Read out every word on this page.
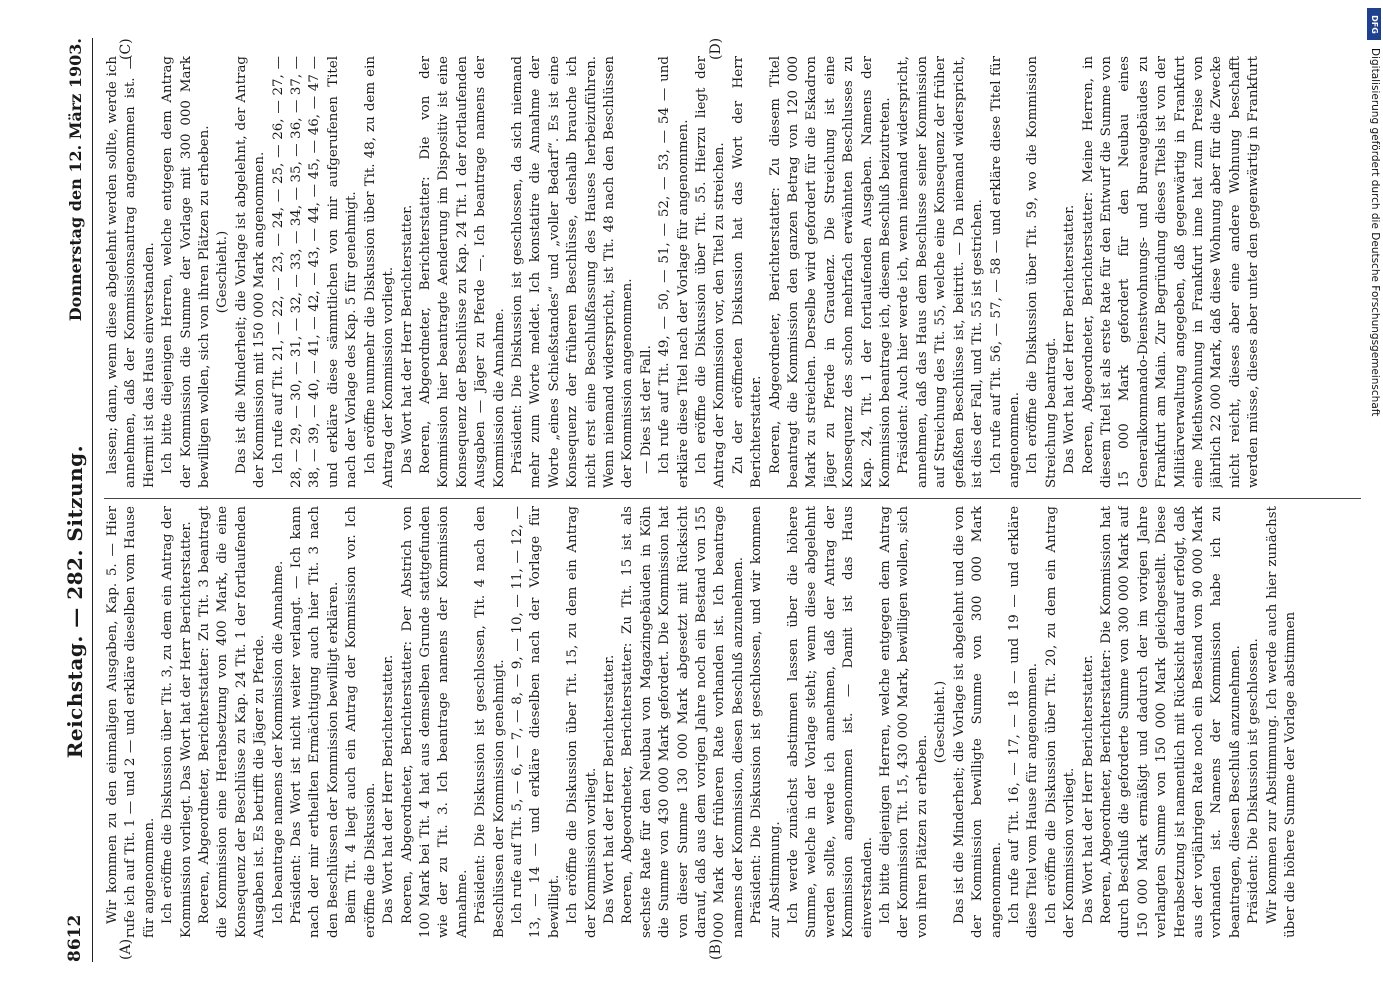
8612
Reichstag. — 282. Sitzung.
Donnerstag den 12. März 1903.
(A)	(B)
(C)	(D)

Wir kommen zu den einmaligen Ausgaben, Kap. 5. — Hier rufe ich auf Tit. 1 — und 2 — und erkläre dieselben vom Hause für angenommen. Ich eröffne die Diskussion über Tit. 3, zu dem ein Antrag der Kommission vorliegt. Das Wort hat der Herr Berichterstatter. Roeren, Abgeordneter, Berichterstatter: Zu Tit. 3 beantragt die Kommission eine Herabsetzung von 400 Mark, die eine Konsequenz der Beschlüsse zu Kap. 24 Tit. 1 der fortlaufenden Ausgaben ist. Es betrifft die Jäger zu Pferde. Ich beantrage namens der Kommission die Annahme. Präsident: Das Wort ist nicht weiter verlangt. — Ich kann nach der mir ertheilten Ermächtigung auch hier Tit. 3 nach den Beschlüssen der Kommission bewilligt erklären. Beim Tit. 4 liegt auch ein Antrag der Kommission vor. Ich eröffne die Diskussion. Das Wort hat der Herr Berichterstatter. Roeren, Abgeordneter, Berichterstatter: Der Abstrich von 100 Mark bei Tit. 4 hat aus demselben Grunde stattgefunden wie der zu Tit. 3. Ich beantrage namens der Kommission Annahme. Präsident: Die Diskussion ist geschlossen, Tit. 4 nach den Beschlüssen der Kommission genehmigt. Ich rufe auf Tit. 5, — 6, — 7, — 8, — 9, — 10, — 11, — 12, — 13, — 14 — und erkläre dieselben nach der Vorlage für bewilligt. Ich eröffne die Diskussion über Tit. 15, zu dem ein Antrag der Kommission vorliegt. Das Wort hat der Herr Berichterstatter. Roeren, Abgeordneter, Berichterstatter: Zu Tit. 15 ist als sechste Rate für den Neubau von Magazingebäuden in Köln die Summe von 430 000 Mark gefordert. Die Kommission hat von dieser Summe 130 000 Mark abgesetzt mit Rücksicht darauf, daß aus dem vorigen Jahre noch ein Bestand von 155 000 Mark der früheren Rate vorhanden ist. Ich beantrage namens der Kommission, diesen Beschluß anzunehmen. Präsident: Die Diskussion ist geschlossen, und wir kommen zur Abstimmung. Ich werde zunächst abstimmen lassen über die höhere Summe, welche in der Vorlage steht; wenn diese abgelehnt werden sollte, werde ich annehmen, daß der Antrag der Kommission angenommen ist. — Damit ist das Haus einverstanden. Ich bitte diejenigen Herren, welche entgegen dem Antrag der Kommission Tit. 15, 430 000 Mark, bewilligen wollen, sich von ihren Plätzen zu erheben.

(Geschieht.) Das ist die Minderheit; die Vorlage ist abgelehnt und die von der Kommission bewilligte Summe von 300 000 Mark angenommen. Ich rufe auf Tit. 16, — 17, — 18 — und 19 — und erkläre diese Titel vom Hause für angenommen. Ich eröffne die Diskussion über Tit. 20, zu dem ein Antrag der Kommission vorliegt. Das Wort hat der Herr Berichterstatter. Roeren, Abgeordneter, Berichterstatter: Die Kommission hat durch Beschluß die geforderte Summe von 300 000 Mark auf 150 000 Mark ermäßigt und dadurch der im vorigen Jahre verlangten Summe von 150 000 Mark gleichgestellt. Diese Herabsetzung ist namentlich mit Rücksicht darauf erfolgt, daß aus der vorjährigen Rate noch ein Bestand von 90 000 Mark vorhanden ist. Namens der Kommission habe ich zu beantragen, diesen Beschluß anzunehmen. Präsident: Die Diskussion ist geschlossen. Wir kommen zur Abstimmung. Ich werde auch hier zunächst über die höhere Summe der Vorlage abstimmen

lassen; dann, wenn diese abgelehnt werden sollte, werde ich annehmen, daß der Kommissionsantrag angenommen ist. — Hiermit ist das Haus einverstanden. Ich bitte diejenigen Herren, welche entgegen dem Antrag der Kommission die Summe der Vorlage mit 300 000 Mark bewilligen wollen, sich von ihren Plätzen zu erheben. (Geschieht.) Das ist die Minderheit; die Vorlage ist abgelehnt, der Antrag der Kommission mit 150 000 Mark angenommen. Ich rufe auf Tit. 21, — 22, — 23, — 24, — 25, — 26, — 27, — 28, — 29, — 30, — 31, — 32, — 33, — 34, — 35, — 36, — 37, — 38, — 39, — 40, — 41, — 42, — 43, — 44, — 45, — 46, — 47 — und erkläre diese sämmtlichen von mir aufgerufenen Titel nach der Vorlage des Kap. 5 für genehmigt. Ich eröffne nunmehr die Diskussion über Tit. 48, zu dem ein Antrag der Kommission vorliegt. Das Wort hat der Herr Berichterstatter. Roeren, Abgeordneter, Berichterstatter: Die von der Kommission hier beantragte Aenderung im Dispositiv ist eine Konsequenz der Beschlüsse zu Kap. 24 Tit. 1 der fortlaufenden Ausgaben — Jäger zu Pferde —. Ich beantrage namens der Kommission die Annahme. Präsident: Die Diskussion ist geschlossen, da sich niemand mehr zum Worte meldet. Ich konstatire die Annahme der Worte „eines Schießstandes“ und „voller Bedarf“. Es ist eine Konsequenz der früheren Beschlüsse, deshalb brauche ich nicht erst eine Beschlußfassung des Hauses herbeizuführen. Wenn niemand widerspricht, ist Tit. 48 nach den Beschlüssen der Kommission angenommen. — Dies ist der Fall. Ich rufe auf Tit. 49, — 50, — 51, — 52, — 53, — 54 — und erkläre diese Titel nach der Vorlage für angenommen. Ich eröffne die Diskussion über Tit. 55. Hierzu liegt der Antrag der Kommission vor, den Titel zu streichen. Zu der eröffneten Diskussion hat das Wort der Herr Berichterstatter. Roeren, Abgeordneter, Berichterstatter: Zu diesem Titel beantragt die Kommission den ganzen Betrag von 120 000 Mark zu streichen. Derselbe wird gefordert für die Eskadron Jäger zu Pferde in Graudenz. Die Streichung ist eine Konsequenz des schon mehrfach erwähnten Beschlusses zu Kap. 24, Tit. 1 der fortlaufenden Ausgaben. Namens der Kommission beantrage ich, diesem Beschluß beizutreten. Präsident: Auch hier werde ich, wenn niemand widerspricht, annehmen, daß das Haus dem Beschlusse seiner Kommission auf Streichung des Tit. 55, welche eine Konsequenz der früher gefaßten Beschlüsse ist, beitritt. — Da niemand widerspricht, ist dies der Fall, und Tit. 55 ist gestrichen. Ich rufe auf Tit. 56, — 57, — 58 — und erkläre diese Titel für angenommen. Ich eröffne die Diskussion über Tit. 59, wo die Kommission Streichung beantragt. Das Wort hat der Herr Berichterstatter. Roeren, Abgeordneter, Berichterstatter: Meine Herren, in diesem Titel ist als erste Rate für den Entwurf die Summe von 15 000 Mark gefordert für den Neubau eines Generalkommando-Dienstwohnungs- und Bureaugebäudes zu Frankfurt am Main. Zur Begründung dieses Titels ist von der Militärverwaltung angegeben, daß gegenwärtig in Frankfurt eine Miethswohnung in Frankfurt inne hat zum Preise von jährlich 22 000 Mark, daß diese Wohnung aber für die Zwecke nicht reicht, dieses aber eine andere Wohnung beschafft werden müsse, dieses aber unter den gegenwärtig in Frankfurt

DFG
Digitalisierung gefördert durch die Deutsche Forschungsgemeinschaft
